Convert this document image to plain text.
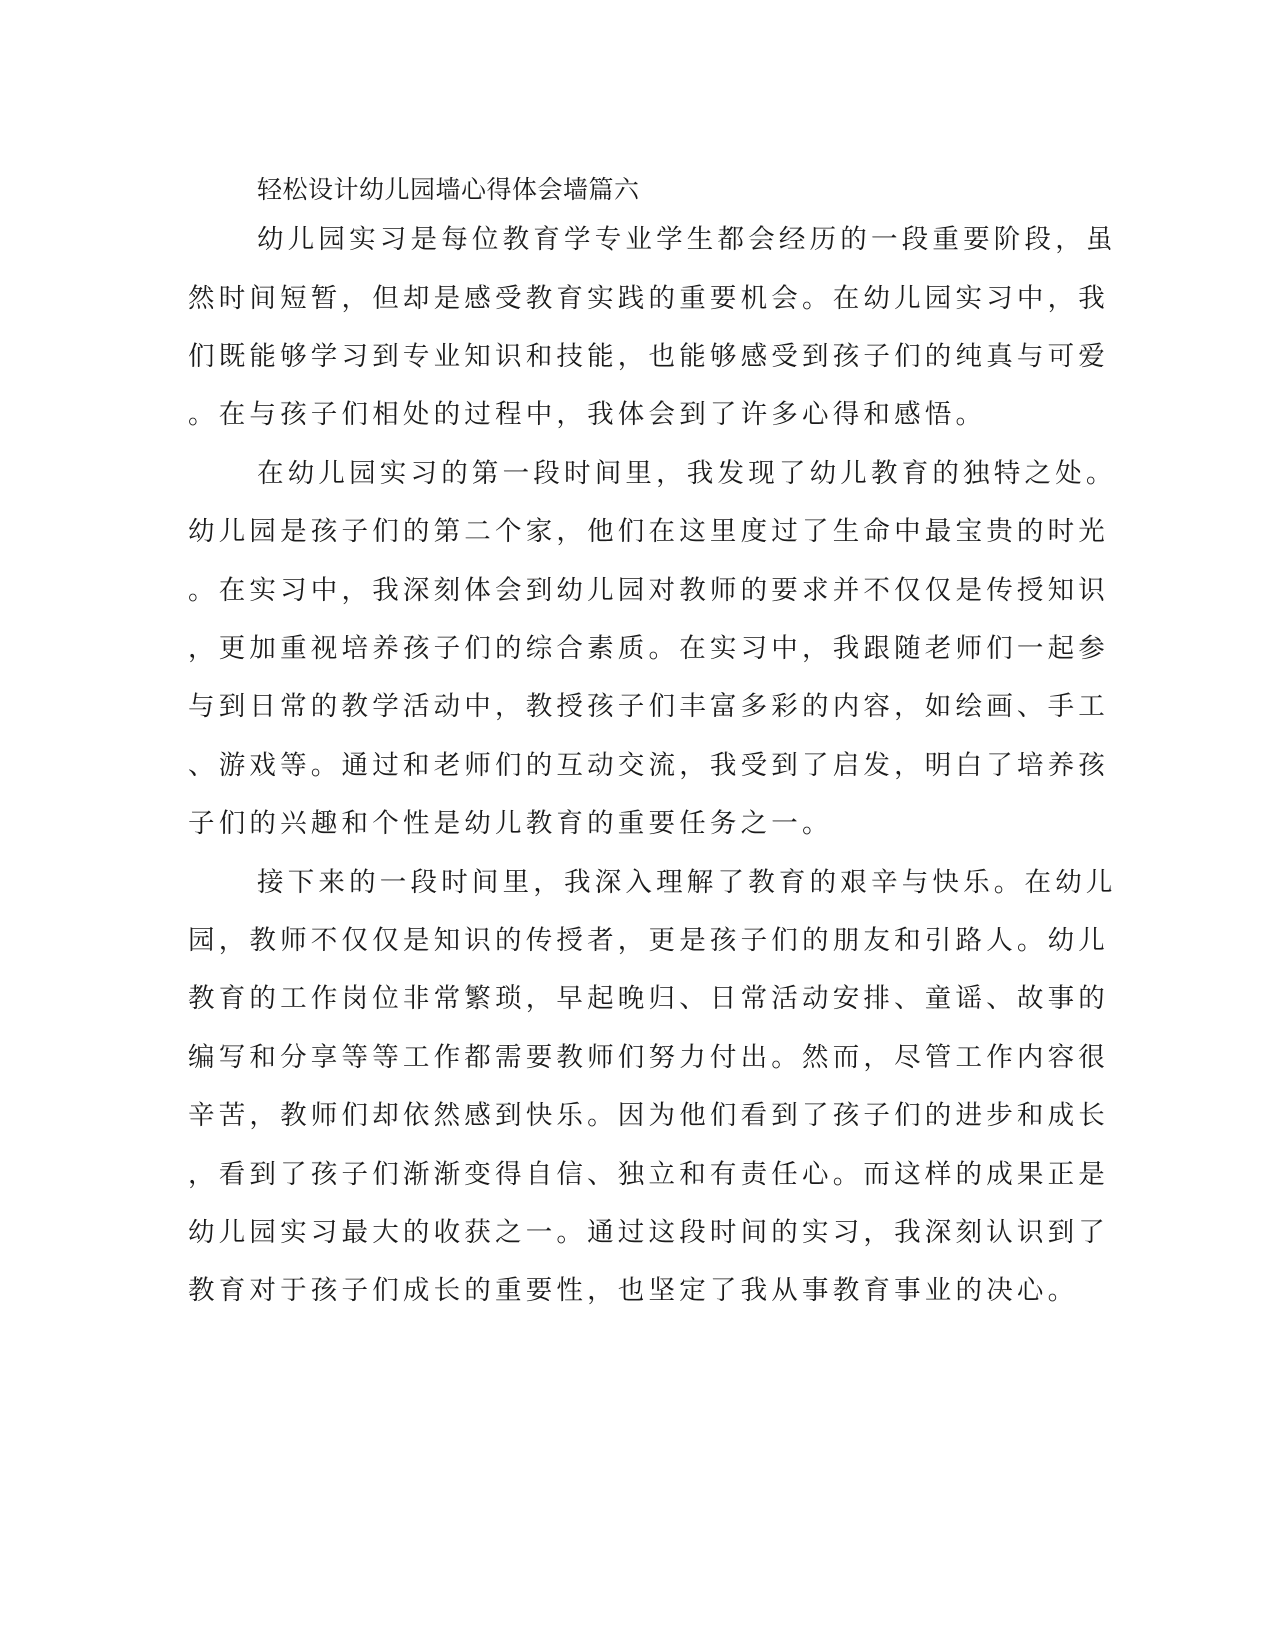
轻松设计幼儿园墙心得体会墙篇六

幼儿园实习是每位教育学专业学生都会经历的一段重要阶段，虽

然时间短暂，但却是感受教育实践的重要机会。在幼儿园实习中，我

们既能够学习到专业知识和技能，也能够感受到孩子们的纯真与可爱

。在与孩子们相处的过程中，我体会到了许多心得和感悟。

在幼儿园实习的第一段时间里，我发现了幼儿教育的独特之处。

幼儿园是孩子们的第二个家，他们在这里度过了生命中最宝贵的时光

。在实习中，我深刻体会到幼儿园对教师的要求并不仅仅是传授知识

，更加重视培养孩子们的综合素质。在实习中，我跟随老师们一起参

与到日常的教学活动中，教授孩子们丰富多彩的内容，如绘画、手工

、游戏等。通过和老师们的互动交流，我受到了启发，明白了培养孩

子们的兴趣和个性是幼儿教育的重要任务之一。

接下来的一段时间里，我深入理解了教育的艰辛与快乐。在幼儿

园，教师不仅仅是知识的传授者，更是孩子们的朋友和引路人。幼儿

教育的工作岗位非常繁琐，早起晚归、日常活动安排、童谣、故事的

编写和分享等等工作都需要教师们努力付出。然而，尽管工作内容很

辛苦，教师们却依然感到快乐。因为他们看到了孩子们的进步和成长

，看到了孩子们渐渐变得自信、独立和有责任心。而这样的成果正是

幼儿园实习最大的收获之一。通过这段时间的实习，我深刻认识到了

教育对于孩子们成长的重要性，也坚定了我从事教育事业的决心。
